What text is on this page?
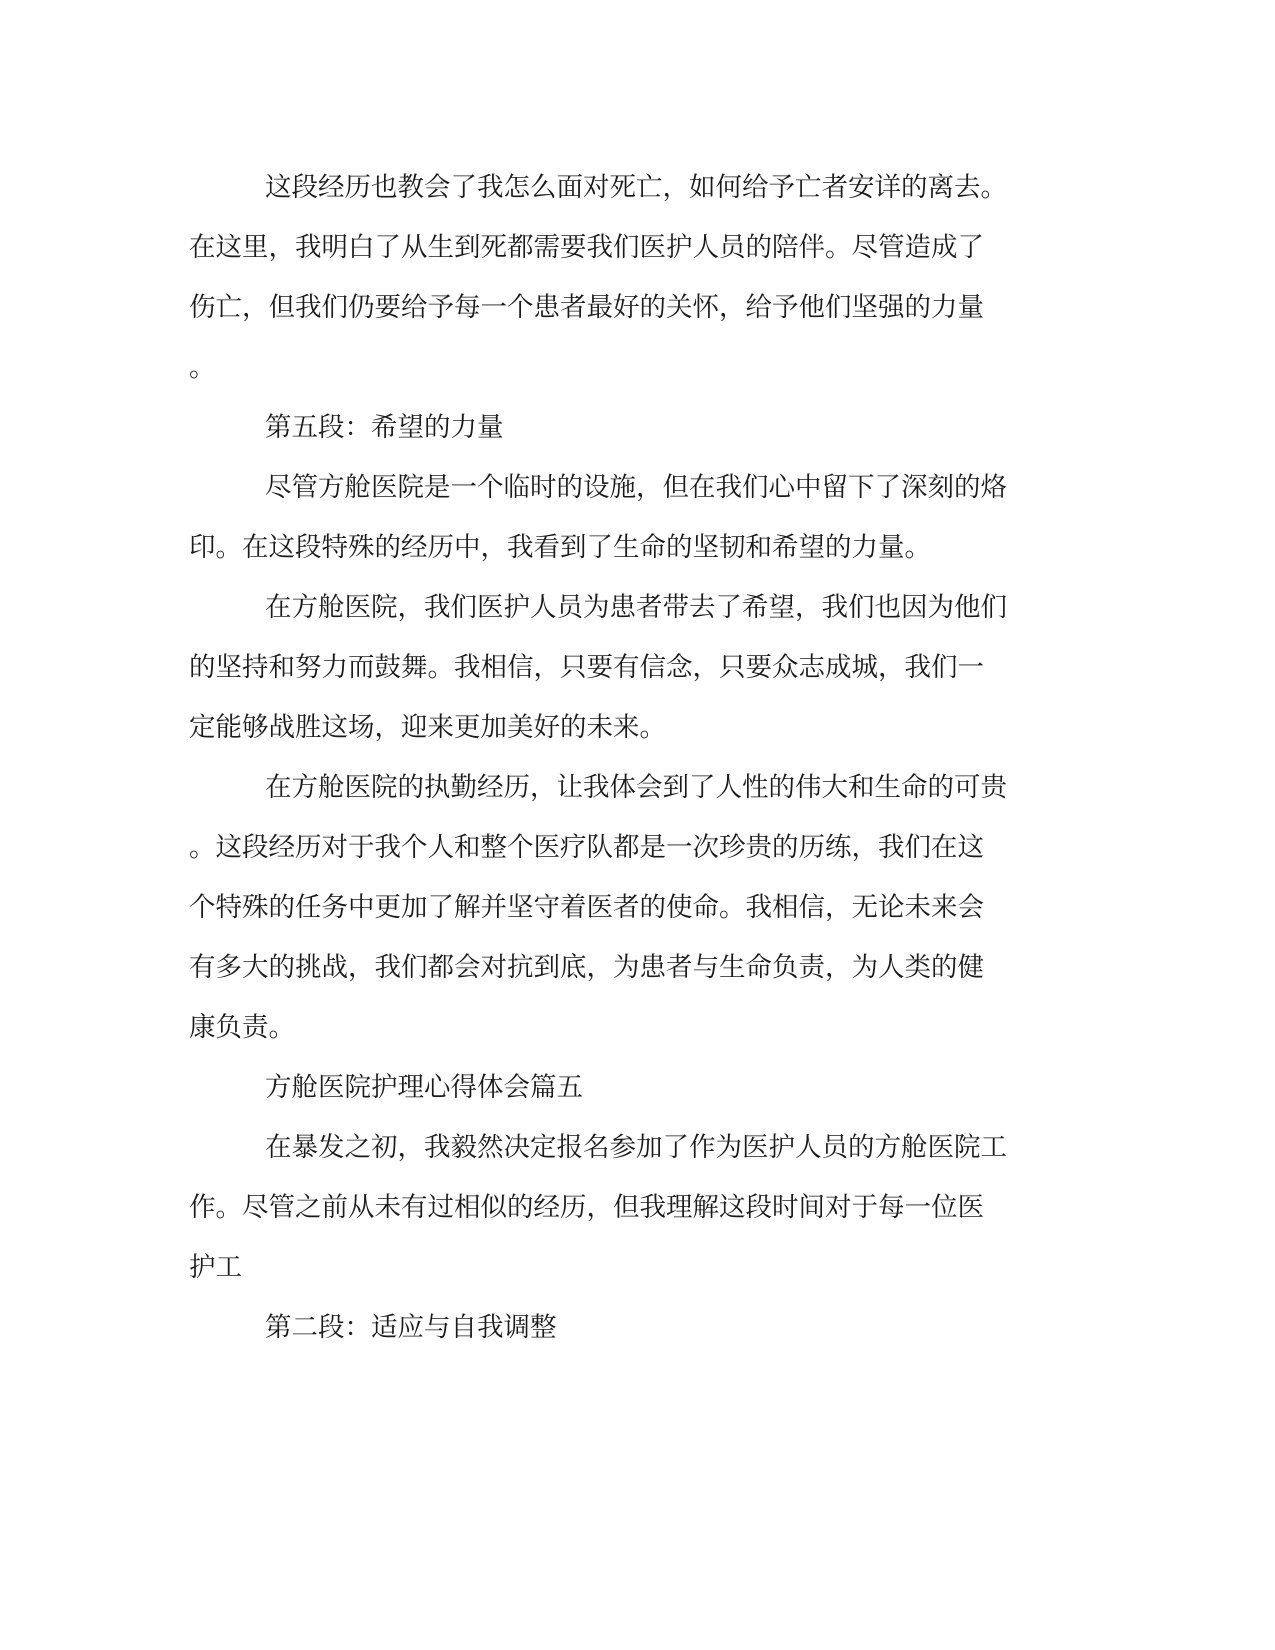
这段经历也教会了我怎么面对死亡，如何给予亡者安详的离去。
在这里，我明白了从生到死都需要我们医护人员的陪伴。尽管造成了
伤亡，但我们仍要给予每一个患者最好的关怀，给予他们坚强的力量
。
第五段：希望的力量
尽管方舱医院是一个临时的设施，但在我们心中留下了深刻的烙
印。在这段特殊的经历中，我看到了生命的坚韧和希望的力量。
在方舱医院，我们医护人员为患者带去了希望，我们也因为他们
的坚持和努力而鼓舞。我相信，只要有信念，只要众志成城，我们一
定能够战胜这场，迎来更加美好的未来。
在方舱医院的执勤经历，让我体会到了人性的伟大和生命的可贵
。这段经历对于我个人和整个医疗队都是一次珍贵的历练，我们在这
个特殊的任务中更加了解并坚守着医者的使命。我相信，无论未来会
有多大的挑战，我们都会对抗到底，为患者与生命负责，为人类的健
康负责。
方舱医院护理心得体会篇五
在暴发之初，我毅然决定报名参加了作为医护人员的方舱医院工
作。尽管之前从未有过相似的经历，但我理解这段时间对于每一位医
护工
第二段：适应与自我调整
